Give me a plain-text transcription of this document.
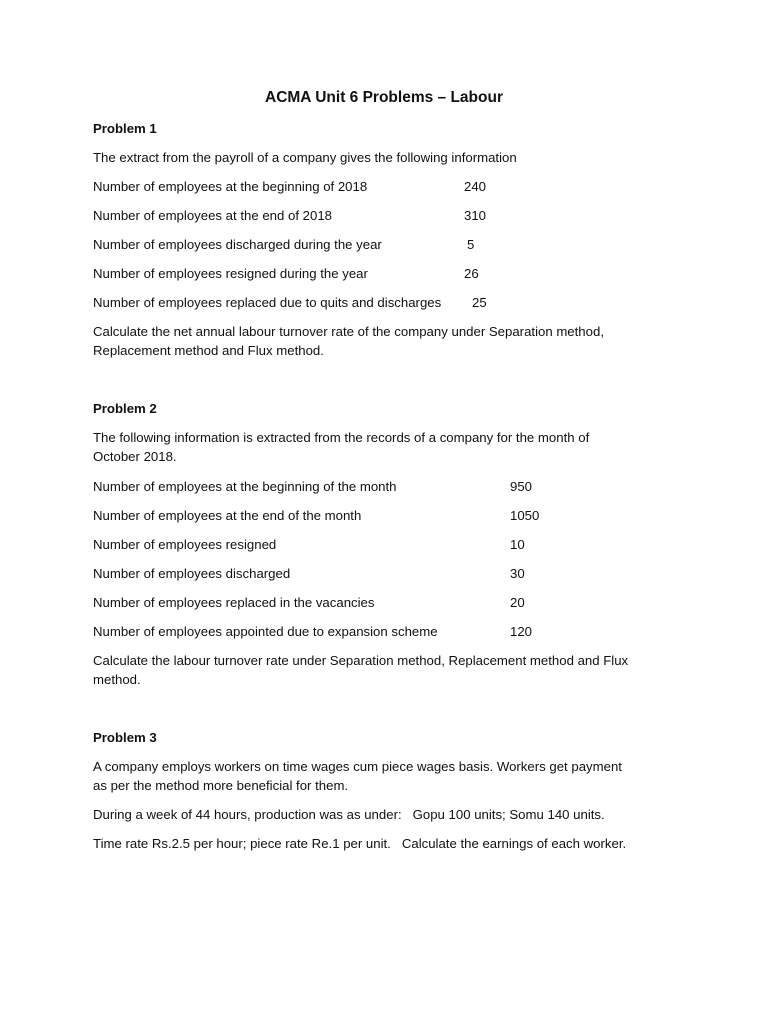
ACMA Unit 6 Problems – Labour

Problem 1

The extract from the payroll of a company gives the following information

Number of employees at the beginning of 2018	240
Number of employees at the end of 2018	310
Number of employees discharged during the year	5
Number of employees resigned during the year	26
Number of employees replaced due to quits and discharges 25

Calculate the net annual labour turnover rate of the company under Separation method,

Replacement method and Flux method.

Problem 2

The following information is extracted from the records of a company for the month of

October 2018.

Number of employees at the beginning of the month	950
Number of employees at the end of the month	1050
Number of employees resigned	10
Number of employees discharged	30
Number of employees replaced in the vacancies	20
Number of employees appointed due to expansion scheme	120

Calculate the labour turnover rate under Separation method, Replacement method and Flux

method.

Problem 3

A company employs workers on time wages cum piece wages basis. Workers get payment

as per the method more beneficial for them.

During a week of 44 hours, production was as under:   Gopu 100 units; Somu 140 units.

Time rate Rs.2.5 per hour; piece rate Re.1 per unit.   Calculate the earnings of each worker.
